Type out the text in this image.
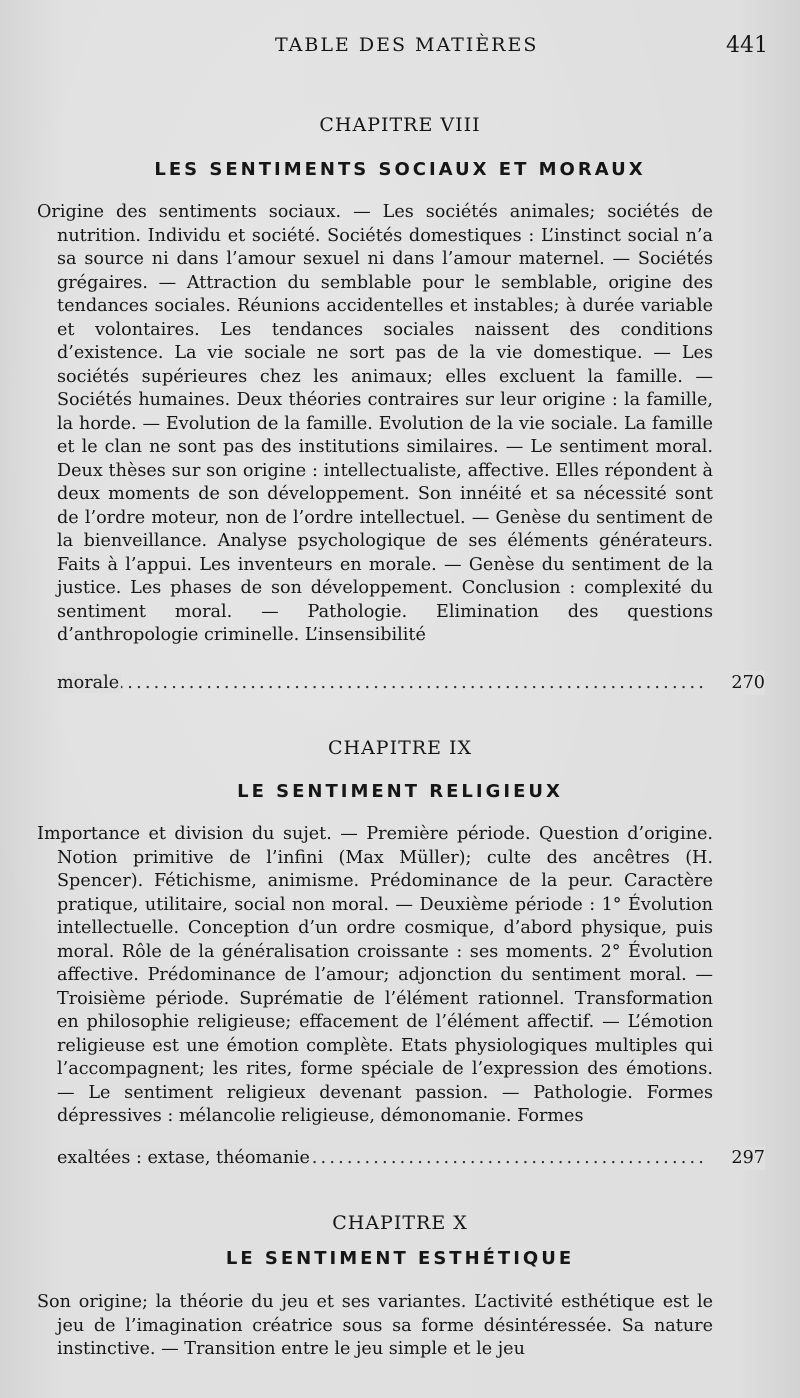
TABLE DES MATIÈRES	441
CHAPITRE VIII
LES SENTIMENTS SOCIAUX ET MORAUX

Origine des sentiments sociaux. — Les sociétés animales; sociétés de nutrition. Individu et société. Sociétés domestiques : L’instinct social n’a sa source ni dans l’amour sexuel ni dans l’amour maternel. — Sociétés grégaires. — Attraction du semblable pour le semblable, origine des tendances sociales. Réunions accidentelles et instables; à durée variable et volontaires. Les tendances sociales naissent des conditions d’existence. La vie sociale ne sort pas de la vie domestique. — Les sociétés supérieures chez les animaux; elles excluent la famille. — Sociétés humaines. Deux théories contraires sur leur origine : la famille, la horde. — Evolution de la famille. Evolution de la vie sociale. La famille et le clan ne sont pas des institutions similaires. — Le sentiment moral. Deux thèses sur son origine : intellectualiste, affective. Elles répondent à deux moments de son développement. Son innéité et sa nécessité sont de l’ordre moteur, non de l’ordre intellectuel. — Genèse du sentiment de la bienveillance. Analyse psychologique de ses éléments générateurs. Faits à l’appui. Les inventeurs en morale. — Genèse du sentiment de la justice. Les phases de son développement. Conclusion : complexité du sentiment moral. — Pathologie. Elimination des questions d’anthropologie criminelle. L’insensibilité

. . .
morale	270
CHAPITRE IX
LE SENTIMENT RELIGIEUX

Importance et division du sujet. — Première période. Question d’origine. Notion primitive de l’infini (Max Müller); culte des ancêtres (H. Spencer). Fétichisme, animisme. Prédominance de la peur. Caractère pratique, utilitaire, social non moral. — Deuxième période : 1° Évolution intellectuelle. Conception d’un ordre cosmique, d’abord physique, puis moral. Rôle de la généralisation croissante : ses moments. 2° Évolution affective. Prédominance de l’amour; adjonction du sentiment moral. — Troisième période. Suprématie de l’élément rationnel. Transformation en philosophie religieuse; effacement de l’élément affectif. — L’émotion religieuse est une émotion complète. Etats physiologiques multiples qui l’accompagnent; les rites, forme spéciale de l’expression des émotions. — Le sentiment religieux devenant passion. — Pathologie. Formes dépressives : mélancolie religieuse, démonomanie. Formes

. . .
exaltées : extase, théomanie	297
CHAPITRE X
LE SENTIMENT ESTHÉTIQUE

Son origine; la théorie du jeu et ses variantes. L’activité esthétique est le jeu de l’imagination créatrice sous sa forme désintéressée. Sa nature instinctive. — Transition entre le jeu simple et le jeu
